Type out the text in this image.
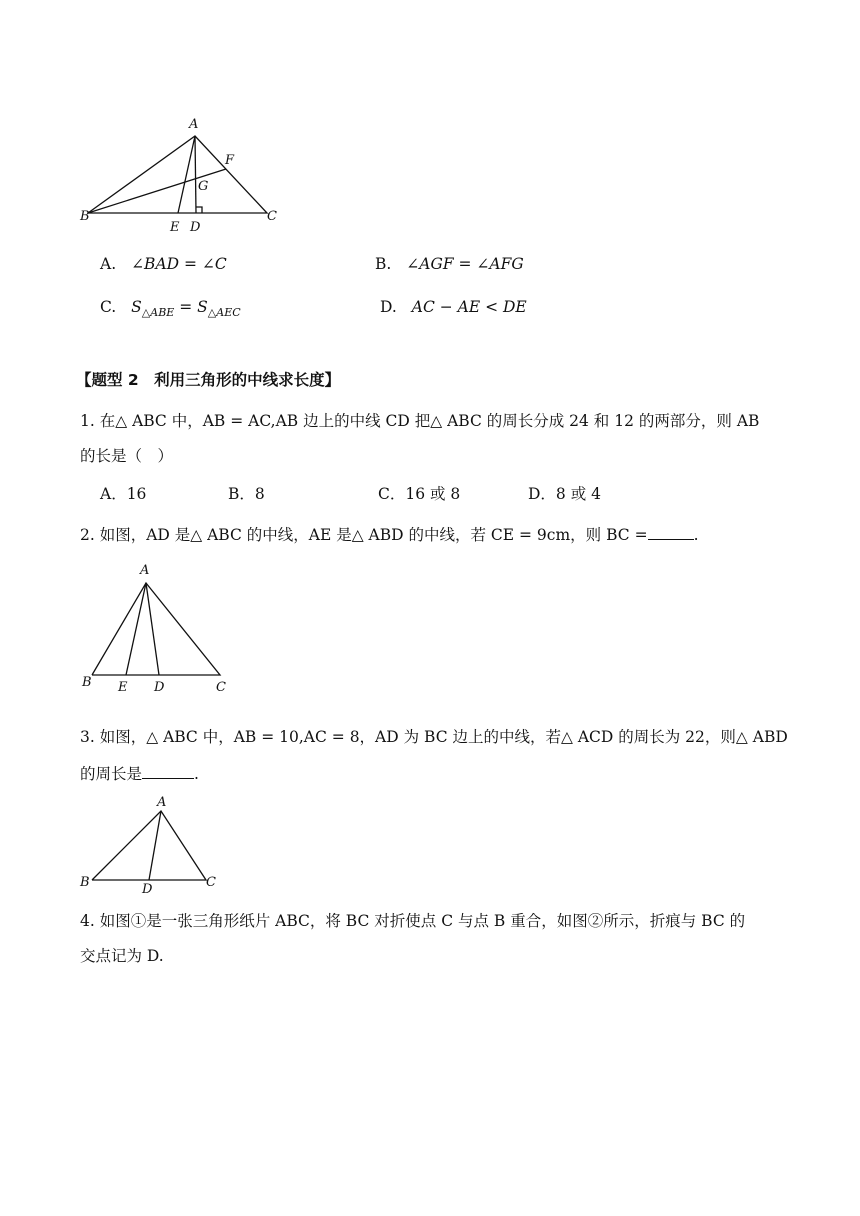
A
B	C
D
E
F
G
A. ∠BAD = ∠C	B. ∠AGF = ∠AFG
C. $S_{\triangle ABE} = S_{\triangle AEC}$	D. AC − AE < DE
【题型 2　利用三角形的中线求长度】
1. 在△ ABC 中，AB = AC,AB 边上的中线 CD 把△ ABC 的周长分成 24 和 12 的两部分，则 AB
的长是（　）
A．16	B．8	C．16 或 8	D．8 或 4
2. 如图，AD 是△ ABC 的中线，AE 是△ ABD 的中线，若 CE = 9cm，则 BC =	.
A
B	C
D
E
3. 如图，△ ABC 中，AB = 10,AC = 8，AD 为 BC 边上的中线，若△ ACD 的周长为 22，则△ ABD
的周长是	.
A
B	C
D
4. 如图①是一张三角形纸片 ABC，将 BC 对折使点 C 与点 B 重合，如图②所示，折痕与 BC 的
交点记为 D.
